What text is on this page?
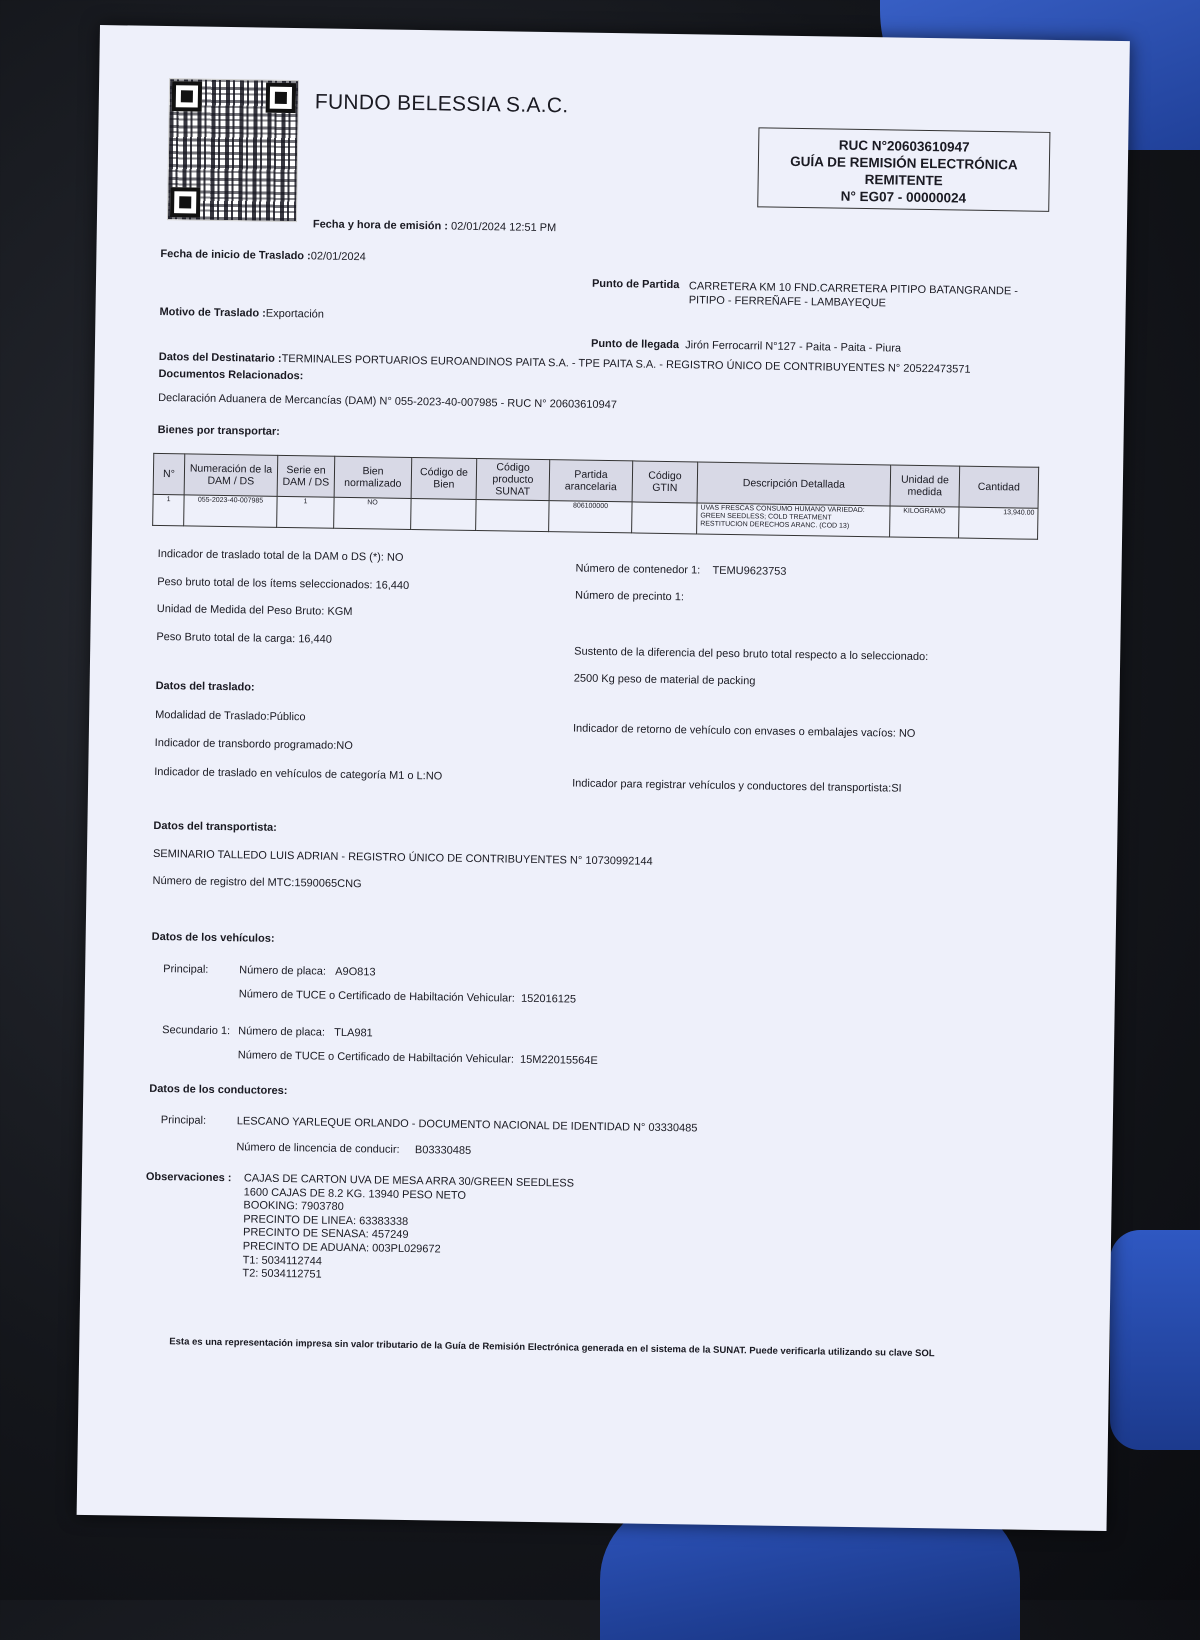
FUNDO BELESSIA S.A.C.
RUC N°20603610947
GUÍA DE REMISIÓN ELECTRÓNICA
REMITENTE
N° EG07 - 00000024
Fecha y hora de emisión : 02/01/2024 12:51 PM
Fecha de inicio de Traslado :02/01/2024
Punto de Partida CARRETERA KM 10 FND.CARRETERA PITIPO BATANGRANDE -
PITIPO - FERREÑAFE - LAMBAYEQUE
Motivo de Traslado :Exportación
Punto de llegada Jirón Ferrocarril N°127 - Paita - Paita - Piura
Datos del Destinatario :TERMINALES PORTUARIOS EUROANDINOS PAITA S.A. - TPE PAITA S.A. - REGISTRO ÚNICO DE CONTRIBUYENTES N° 20522473571
Documentos Relacionados:
Declaración Aduanera de Mercancías (DAM) N° 055-2023-40-007985 - RUC N° 20603610947
Bienes por transportar:
N°	Numeración de la DAM / DS	Serie en DAM / DS	Bien normalizado	Código de Bien	Código producto SUNAT	Partida arancelaria	Código GTIN	Descripción Detallada	Unidad de medida	Cantidad
1	055-2023-40-007985	1	NO			806100000		UVAS FRESCAS CONSUMO HUMANO VARIEDAD:
GREEN SEEDLESS; COLD TREATMENT
RESTITUCION DERECHOS ARANC. (COD 13)	KILOGRAMO	13,940.00
Indicador de traslado total de la DAM o DS (*): NO
Peso bruto total de los ítems seleccionados: 16,440
Unidad de Medida del Peso Bruto: KGM
Peso Bruto total de la carga: 16,440
Número de contenedor 1: TEMU9623753
Número de precinto 1:
Sustento de la diferencia del peso bruto total respecto a lo seleccionado:
2500 Kg peso de material de packing
Datos del traslado:
Modalidad de Traslado:Público
Indicador de transbordo programado:NO
Indicador de traslado en vehículos de categoría M1 o L:NO
Indicador de retorno de vehículo con envases o embalajes vacíos: NO
Indicador para registrar vehículos y conductores del transportista:SI
Datos del transportista:
SEMINARIO TALLEDO LUIS ADRIAN - REGISTRO ÚNICO DE CONTRIBUYENTES N° 10730992144
Número de registro del MTC:1590065CNG
Datos de los vehículos:
Principal:	Número de placa: A9O813
Número de TUCE o Certificado de Habiltación Vehicular: 152016125
Secundario 1: Número de placa: TLA981
Número de TUCE o Certificado de Habiltación Vehicular: 15M22015564E
Datos de los conductores:
Principal:	LESCANO YARLEQUE ORLANDO - DOCUMENTO NACIONAL DE IDENTIDAD N° 03330485
Número de lincencia de conducir: B03330485
Observaciones : CAJAS DE CARTON UVA DE MESA ARRA 30/GREEN SEEDLESS
1600 CAJAS DE 8.2 KG. 13940 PESO NETO
BOOKING: 7903780
PRECINTO DE LINEA: 63383338
PRECINTO DE SENASA: 457249
PRECINTO DE ADUANA: 003PL029672
T1: 5034112744
T2: 5034112751
Esta es una representación impresa sin valor tributario de la Guía de Remisión Electrónica generada en el sistema de la SUNAT. Puede verificarla utilizando su clave SOL
